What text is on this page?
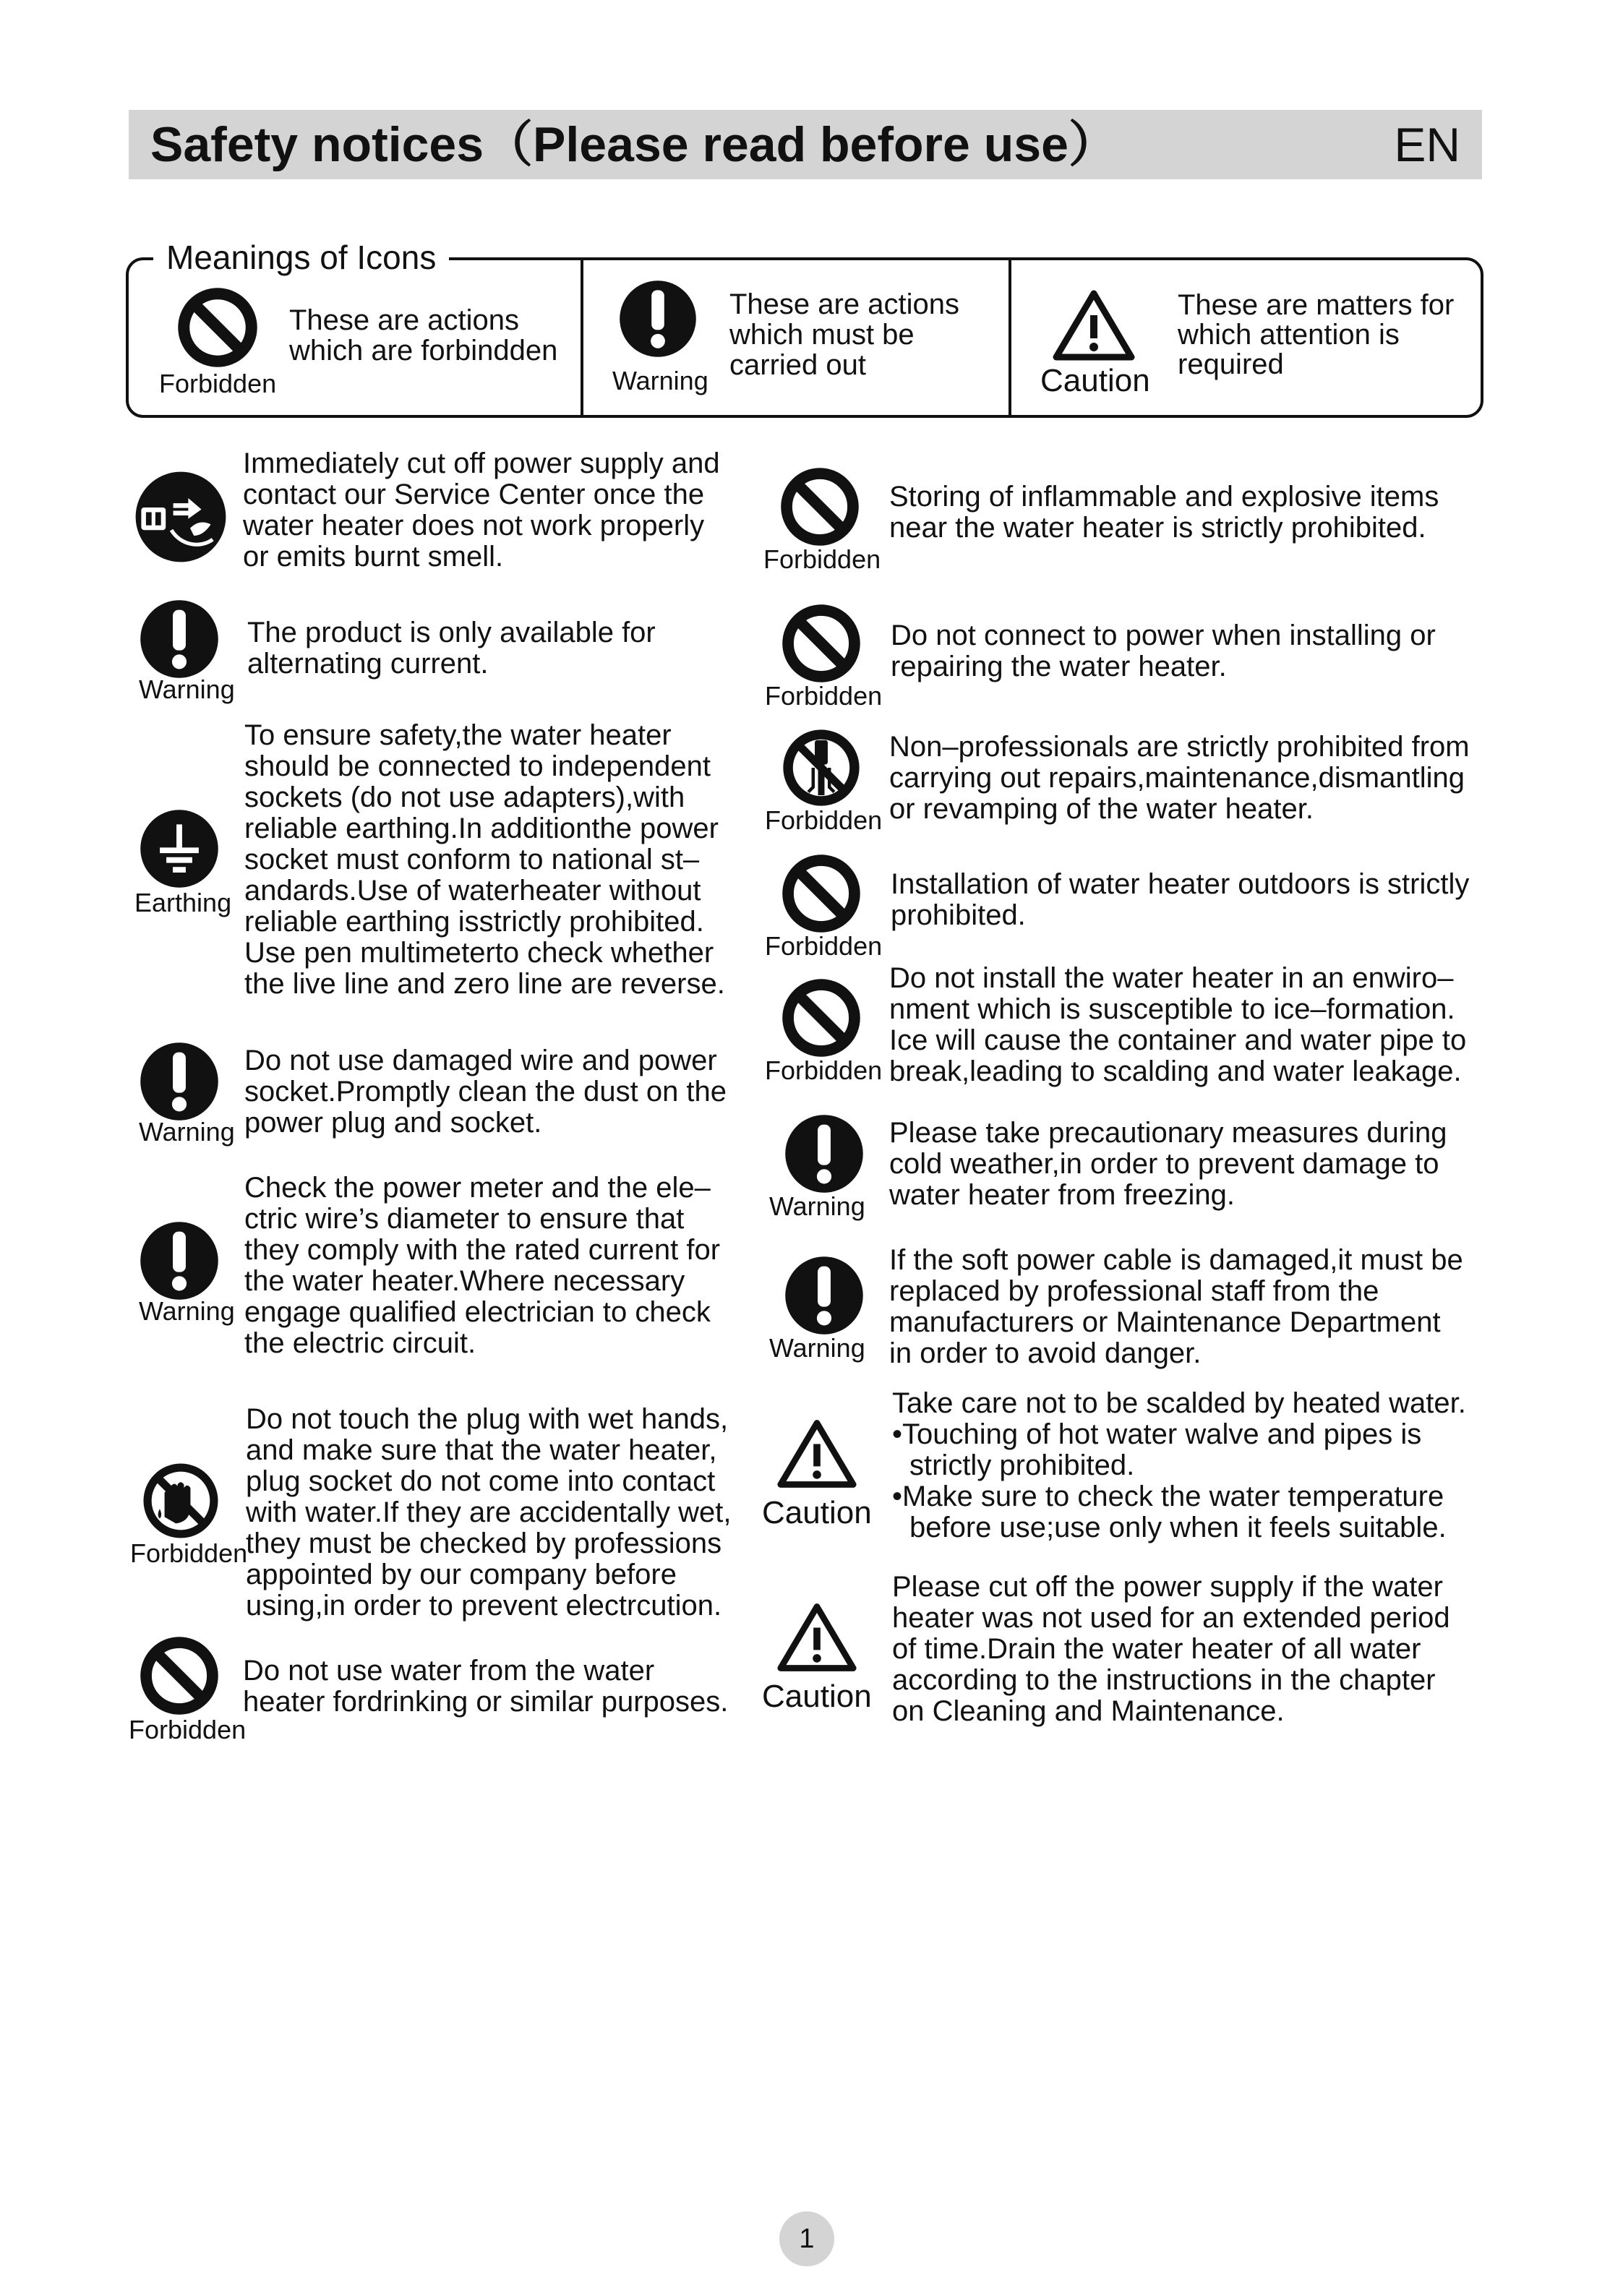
Safety notices（Please read before use）	EN
Meanings of Icons
Forbidden
These are actions
which are forbindden
Warning
These are actions
which must be
carried out	Caution
These are matters for
which attention is
required
Immediately cut off power supply and
contact our Service Center once the
water heater does not work properly
or emits burnt smell.
Warning
The product is only available for
alternating current.
Earthing
To ensure safety,the water heater
should be connected to independent
sockets (do not use adapters),with
reliable earthing.In additionthe power
socket must conform to national st–
andards.Use of waterheater without
reliable earthing isstrictly prohibited.
Use pen multimeterto check whether
the live line and zero line are reverse.
Warning
Do not use damaged wire and power
socket.Promptly clean the dust on the
power plug and socket.
Warning
Check the power meter and the ele–
ctric wire’s diameter to ensure that
they comply with the rated current for
the water heater.Where necessary
engage qualified electrician to check
the electric circuit.
Forbidden
Do not touch the plug with wet hands,
and make sure that the water heater,
plug socket do not come into contact
with water.If they are accidentally wet,
they must be checked by professions
appointed by our company before
using,in order to prevent electrcution.
Forbidden
Do not use water from the water
heater fordrinking or similar purposes.
Forbidden
Storing of inflammable and explosive items
near the water heater is strictly prohibited.
Forbidden
Do not connect to power when installing or
repairing the water heater.
Forbidden
Non–professionals are strictly prohibited from
carrying out repairs,maintenance,dismantling
or revamping of the water heater.
Forbidden
Installation of water heater outdoors is strictly
prohibited.
Forbidden
Do not install the water heater in an enwiro–
nment which is susceptible to ice–formation.
Ice will cause the container and water pipe to
break,leading to scalding and water leakage.
Warning
Please take precautionary measures during
cold weather,in order to prevent damage to
water heater from freezing.
Warning
If the soft power cable is damaged,it must be
replaced by professional staff from the
manufacturers or Maintenance Department
in order to avoid danger.
Caution
Take care not to be scalded by heated water.
•Touching of hot water walve and pipes is
strictly prohibited.
•Make sure to check the water temperature
before use;use only when it feels suitable.
Caution
Please cut off the power supply if the water
heater was not used for an extended period
of time.Drain the water heater of all water
according to the instructions in the chapter
on Cleaning and Maintenance.
1
